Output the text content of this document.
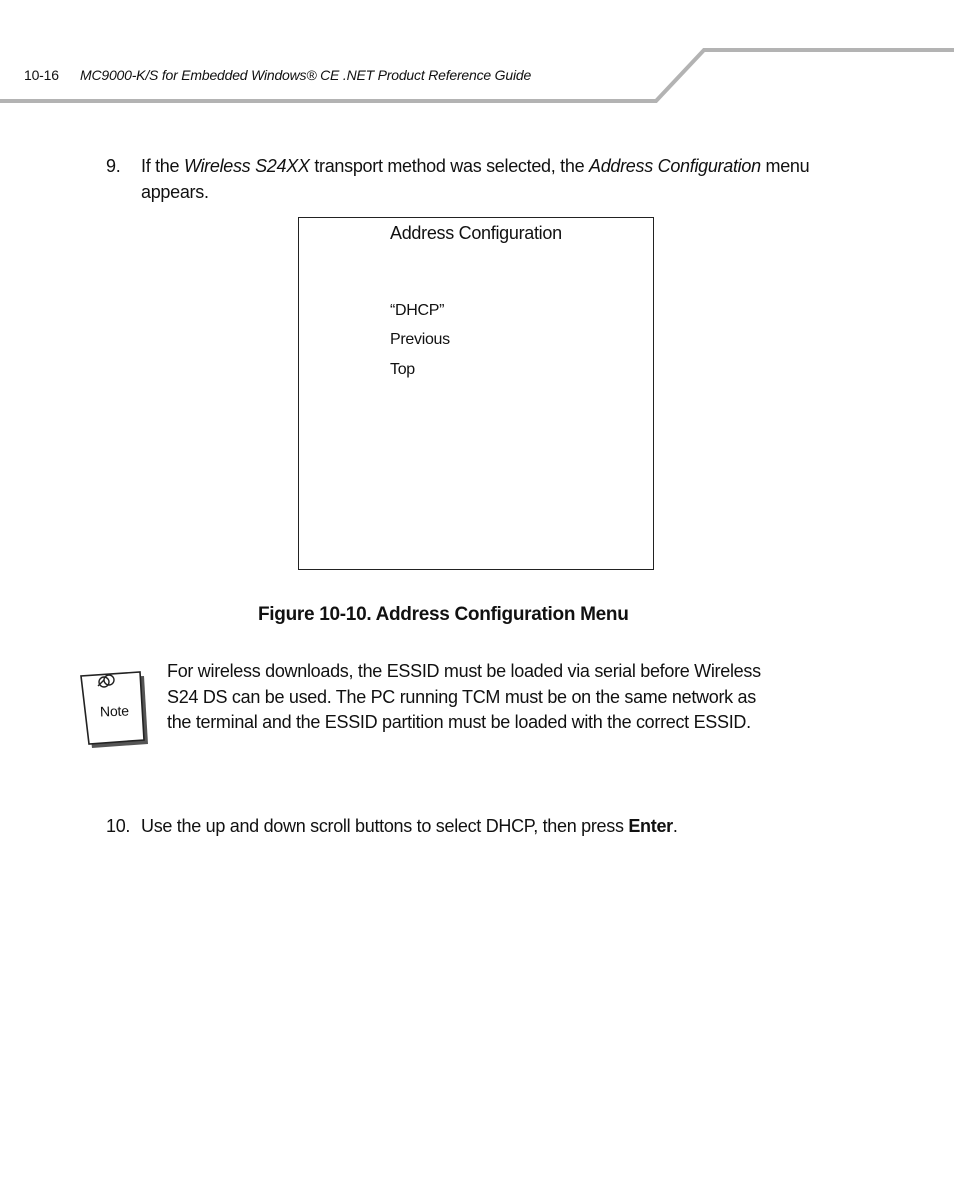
10-16 MC9000-K/S for Embedded Windows® CE .NET Product Reference Guide
9. If the Wireless S24XX transport method was selected, the Address Configuration menu appears.
Address Configuration
“DHCP”
Previous
Top
Figure 10-10. Address Configuration Menu
Note
For wireless downloads, the ESSID must be loaded via serial before Wireless
S24 DS can be used. The PC running TCM must be on the same network as
the terminal and the ESSID partition must be loaded with the correct ESSID.
10. Use the up and down scroll buttons to select DHCP, then press Enter.
